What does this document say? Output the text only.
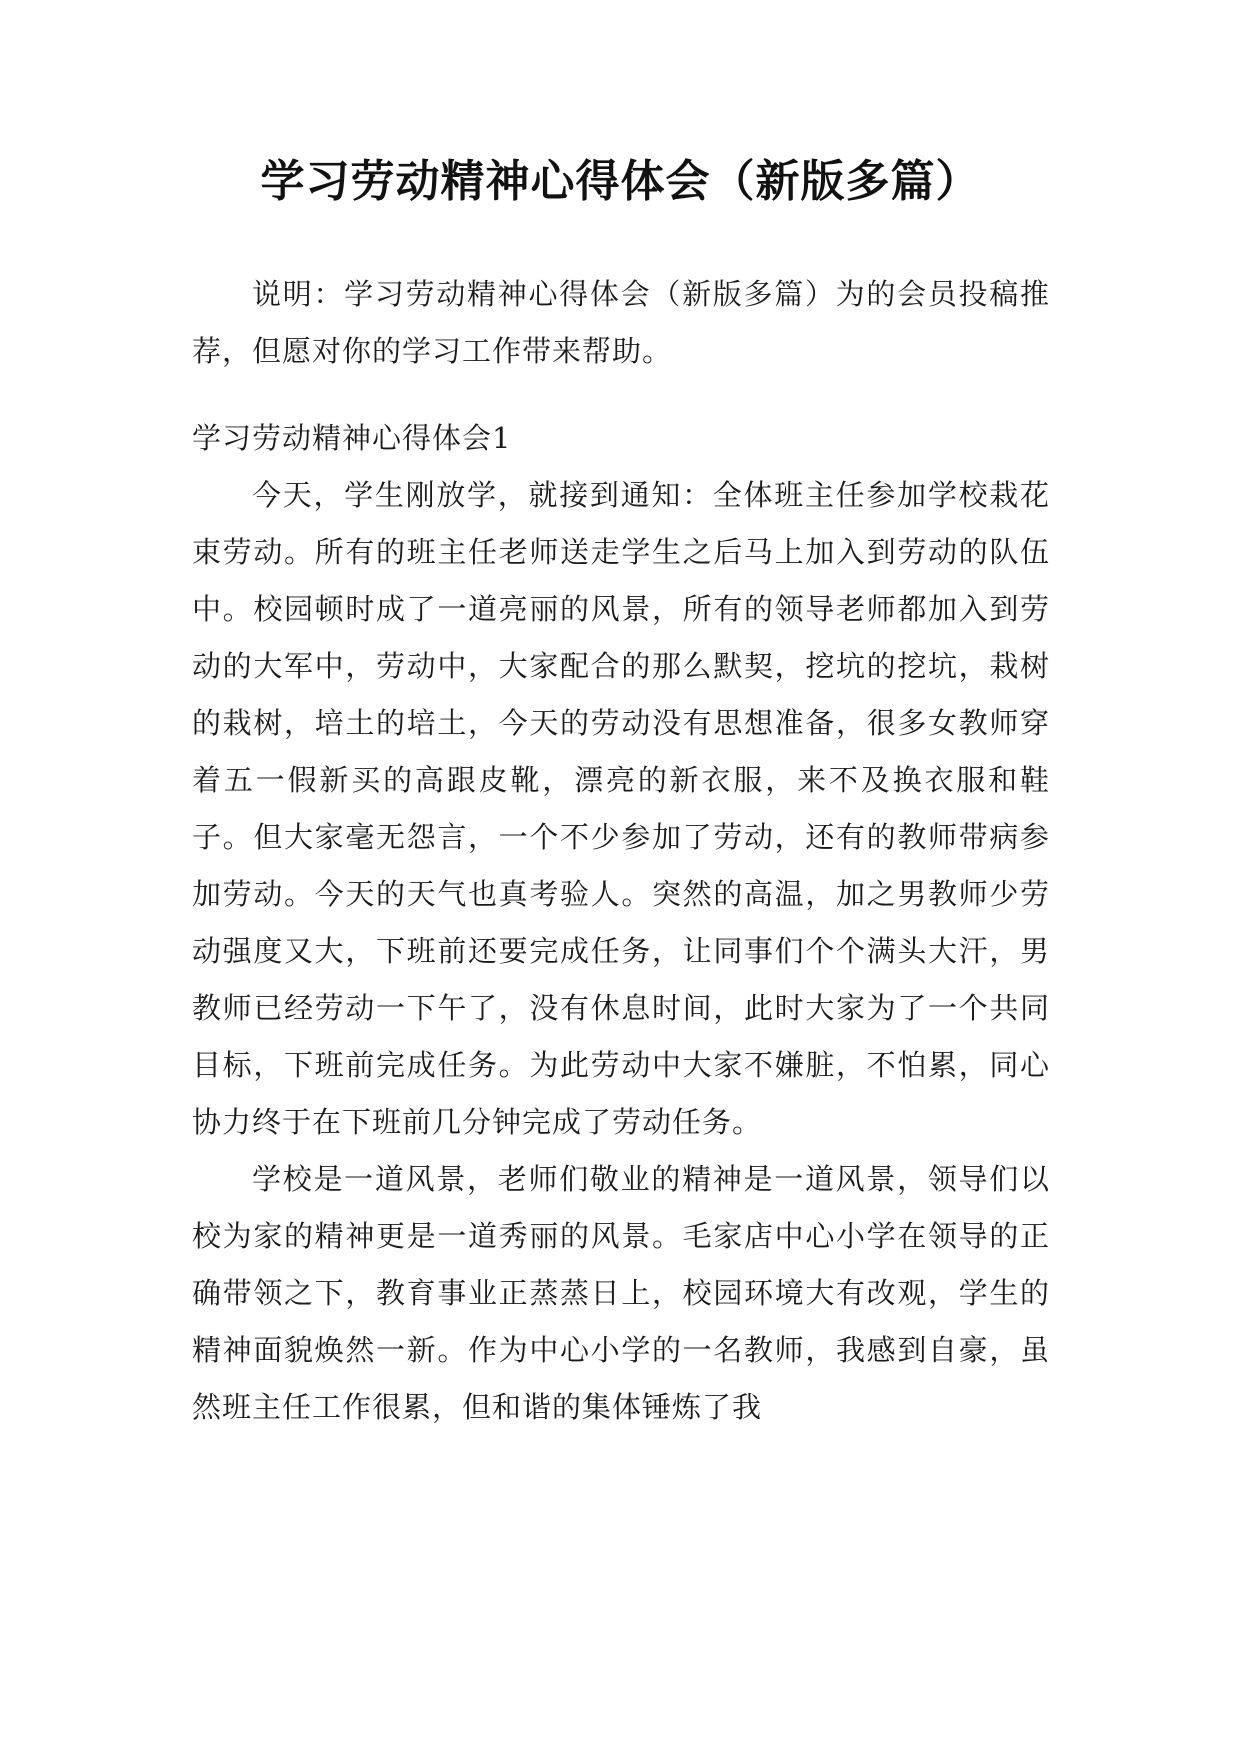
学习劳动精神心得体会（新版多篇）

说明：学习劳动精神心得体会（新版多篇）为的会员投稿推荐，但愿对你的学习工作带来帮助。

学习劳动精神心得体会1

今天，学生刚放学，就接到通知：全体班主任参加学校栽花束劳动。所有的班主任老师送走学生之后马上加入到劳动的队伍中。校园顿时成了一道亮丽的风景，所有的领导老师都加入到劳动的大军中，劳动中，大家配合的那么默契，挖坑的挖坑，栽树的栽树，培土的培土，今天的劳动没有思想准备，很多女教师穿着五一假新买的高跟皮靴，漂亮的新衣服，来不及换衣服和鞋子。但大家毫无怨言，一个不少参加了劳动，还有的教师带病参加劳动。今天的天气也真考验人。突然的高温，加之男教师少劳动强度又大，下班前还要完成任务，让同事们个个满头大汗，男教师已经劳动一下午了，没有休息时间，此时大家为了一个共同目标，下班前完成任务。为此劳动中大家不嫌脏，不怕累，同心协力终于在下班前几分钟完成了劳动任务。

学校是一道风景，老师们敬业的精神是一道风景，领导们以校为家的精神更是一道秀丽的风景。毛家店中心小学在领导的正确带领之下，教育事业正蒸蒸日上，校园环境大有改观，学生的精神面貌焕然一新。作为中心小学的一名教师，我感到自豪，虽然班主任工作很累，但和谐的集体锤炼了我
